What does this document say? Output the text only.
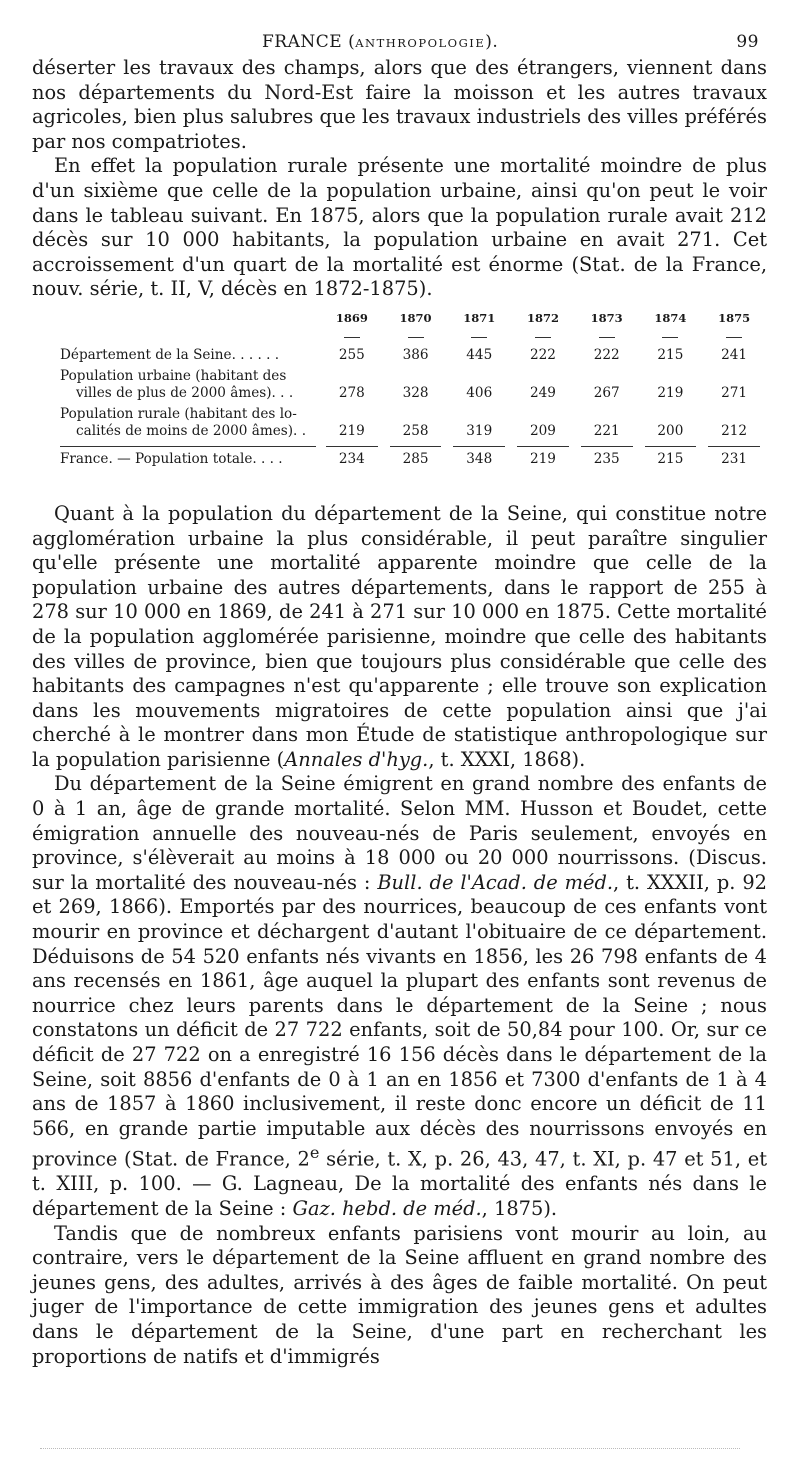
FRANCE (ANTHROPOLOGIE).	99

déserter les travaux des champs, alors que des étrangers, viennent dans nos départements du Nord-Est faire la moisson et les autres travaux agricoles, bien plus salubres que les travaux industriels des villes préférés par nos compatriotes.

En effet la population rurale présente une mortalité moindre de plus d'un sixième que celle de la population urbaine, ainsi qu'on peut le voir dans le tableau suivant. En 1875, alors que la population rurale avait 212 décès sur 10 000 habitants, la population urbaine en avait 271. Cet accroissement d'un quart de la mortalité est énorme (Stat. de la France, nouv. série, t. II, V, décès en 1872-1875).

	1869	1870	1871	1872	1873	1874	1875

Département de la Seine. . . . . .	255	386	445	222	222	215	241

Population urbaine (habitant des
villes de plus de 2000 âmes). . .	278	328	406	249	267	219	271

Population rurale (habitant des lo-
calités de moins de 2000 âmes). .	219	258	319	209	221	200	212

France. — Population totale. . . .	234	285	348	219	235	215	231

Quant à la population du département de la Seine, qui constitue notre agglomération urbaine la plus considérable, il peut paraître singulier qu'elle présente une mortalité apparente moindre que celle de la population urbaine des autres départements, dans le rapport de 255 à 278 sur 10 000 en 1869, de 241 à 271 sur 10 000 en 1875. Cette mortalité de la population agglomérée parisienne, moindre que celle des habitants des villes de province, bien que toujours plus considérable que celle des habitants des campagnes n'est qu'apparente ; elle trouve son explication dans les mouvements migratoires de cette population ainsi que j'ai cherché à le montrer dans mon Étude de statistique anthropologique sur la population parisienne (Annales d'hyg., t. XXXI, 1868).

Du département de la Seine émigrent en grand nombre des enfants de 0 à 1 an, âge de grande mortalité. Selon MM. Husson et Boudet, cette émigration annuelle des nouveau-nés de Paris seulement, envoyés en province, s'élèverait au moins à 18 000 ou 20 000 nourrissons. (Discus. sur la mortalité des nouveau-nés : Bull. de l'Acad. de méd., t. XXXII, p. 92 et 269, 1866). Emportés par des nourrices, beaucoup de ces enfants vont mourir en province et déchargent d'autant l'obituaire de ce département. Déduisons de 54 520 enfants nés vivants en 1856, les 26 798 enfants de 4 ans recensés en 1861, âge auquel la plupart des enfants sont revenus de nourrice chez leurs parents dans le département de la Seine ; nous constatons un déficit de 27 722 enfants, soit de 50,84 pour 100. Or, sur ce déficit de 27 722 on a enregistré 16 156 décès dans le département de la Seine, soit 8856 d'enfants de 0 à 1 an en 1856 et 7300 d'enfants de 1 à 4 ans de 1857 à 1860 inclusivement, il reste donc encore un déficit de 11 566, en grande partie imputable aux décès des nourrissons envoyés en province (Stat. de France, 2e série, t. X, p. 26, 43, 47, t. XI, p. 47 et 51, et t. XIII, p. 100. — G. Lagneau, De la mortalité des enfants nés dans le département de la Seine : Gaz. hebd. de méd., 1875).

Tandis que de nombreux enfants parisiens vont mourir au loin, au contraire, vers le département de la Seine affluent en grand nombre des jeunes gens, des adultes, arrivés à des âges de faible mortalité. On peut juger de l'importance de cette immigration des jeunes gens et adultes dans le département de la Seine, d'une part en recherchant les proportions de natifs et d'immigrés
